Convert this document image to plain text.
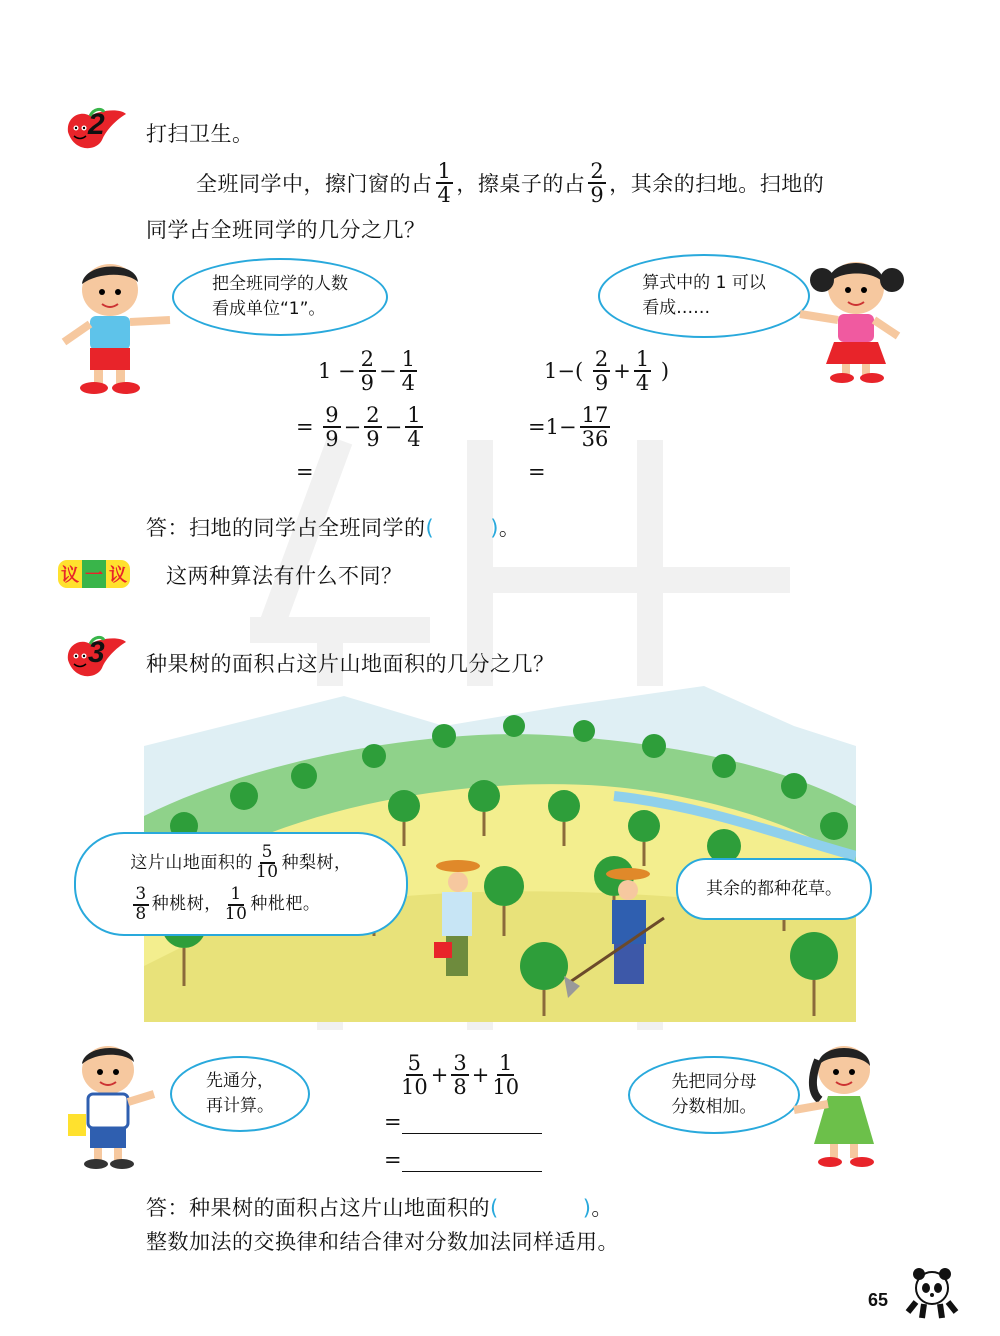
2 打扫卫生。
全班同学中，擦门窗的占 $\frac{1}{4}$ ，擦桌子的占 $\frac{2}{9}$ ，其余的扫地。扫地的
同学占全班同学的几分之几？
把全班同学的人数
看成单位“1”。
算式中的 1 可以
看成……
$1 - \frac{2}{9} - \frac{1}{4}$
= $\frac{9}{9} - \frac{2}{9} - \frac{1}{4}$
=
1 −( $\frac{2}{9} + \frac{1}{4}$ )
= $1 - \frac{17}{36}$
=
答：扫地的同学占全班同学的(	)。
议 一 议 这两种算法有什么不同？
3 种果树的面积占这片山地面积的几分之几？
这片山地面积的 $\frac{5}{10}$ 种梨树，
$\frac{3}{8}$ 种桃树， $\frac{1}{10}$ 种枇杷。
其余的都种花草。
先通分，
再计算。
先把同分母
分数相加。
$\frac{5}{10} + \frac{3}{8} + \frac{1}{10}$
=
=
答：种果树的面积占这片山地面积的(	)。
整数加法的交换律和结合律对分数加法同样适用。
65
